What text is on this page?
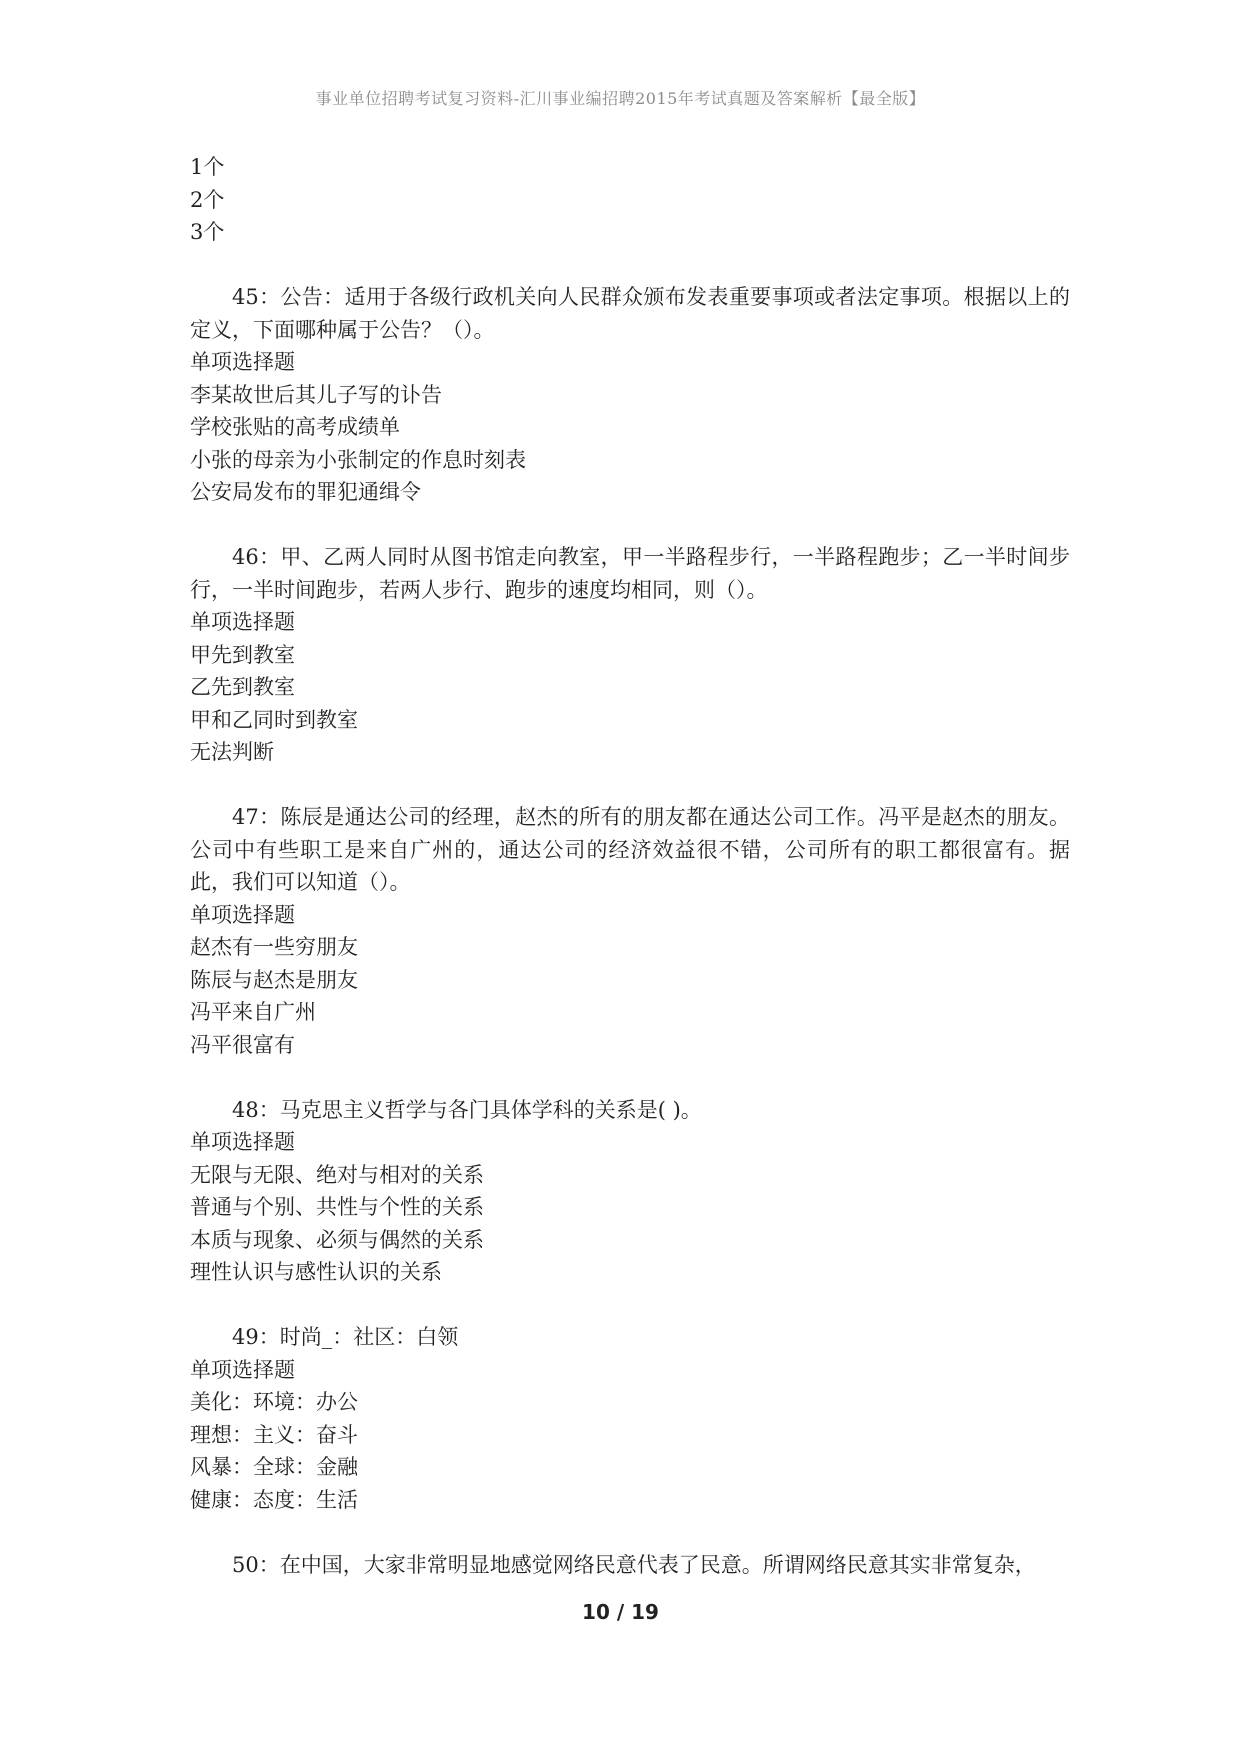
事业单位招聘考试复习资料-汇川事业编招聘2015年考试真题及答案解析【最全版】
1个
2个
3个
45：公告：适用于各级行政机关向人民群众颁布发表重要事项或者法定事项。根据以上的定义，下面哪种属于公告？（）。
单项选择题
李某故世后其儿子写的讣告
学校张贴的高考成绩单
小张的母亲为小张制定的作息时刻表
公安局发布的罪犯通缉令
46：甲、乙两人同时从图书馆走向教室，甲一半路程步行，一半路程跑步；乙一半时间步行，一半时间跑步，若两人步行、跑步的速度均相同，则（）。
单项选择题
甲先到教室
乙先到教室
甲和乙同时到教室
无法判断
47：陈辰是通达公司的经理，赵杰的所有的朋友都在通达公司工作。冯平是赵杰的朋友。公司中有些职工是来自广州的，通达公司的经济效益很不错，公司所有的职工都很富有。据此，我们可以知道（）。
单项选择题
赵杰有一些穷朋友
陈辰与赵杰是朋友
冯平来自广州
冯平很富有
48：马克思主义哲学与各门具体学科的关系是( )。
单项选择题
无限与无限、绝对与相对的关系
普通与个别、共性与个性的关系
本质与现象、必须与偶然的关系
理性认识与感性认识的关系
49：时尚_：社区：白领
单项选择题
美化：环境：办公
理想：主义：奋斗
风暴：全球：金融
健康：态度：生活
50：在中国，大家非常明显地感觉网络民意代表了民意。所谓网络民意其实非常复杂，
10 / 19
